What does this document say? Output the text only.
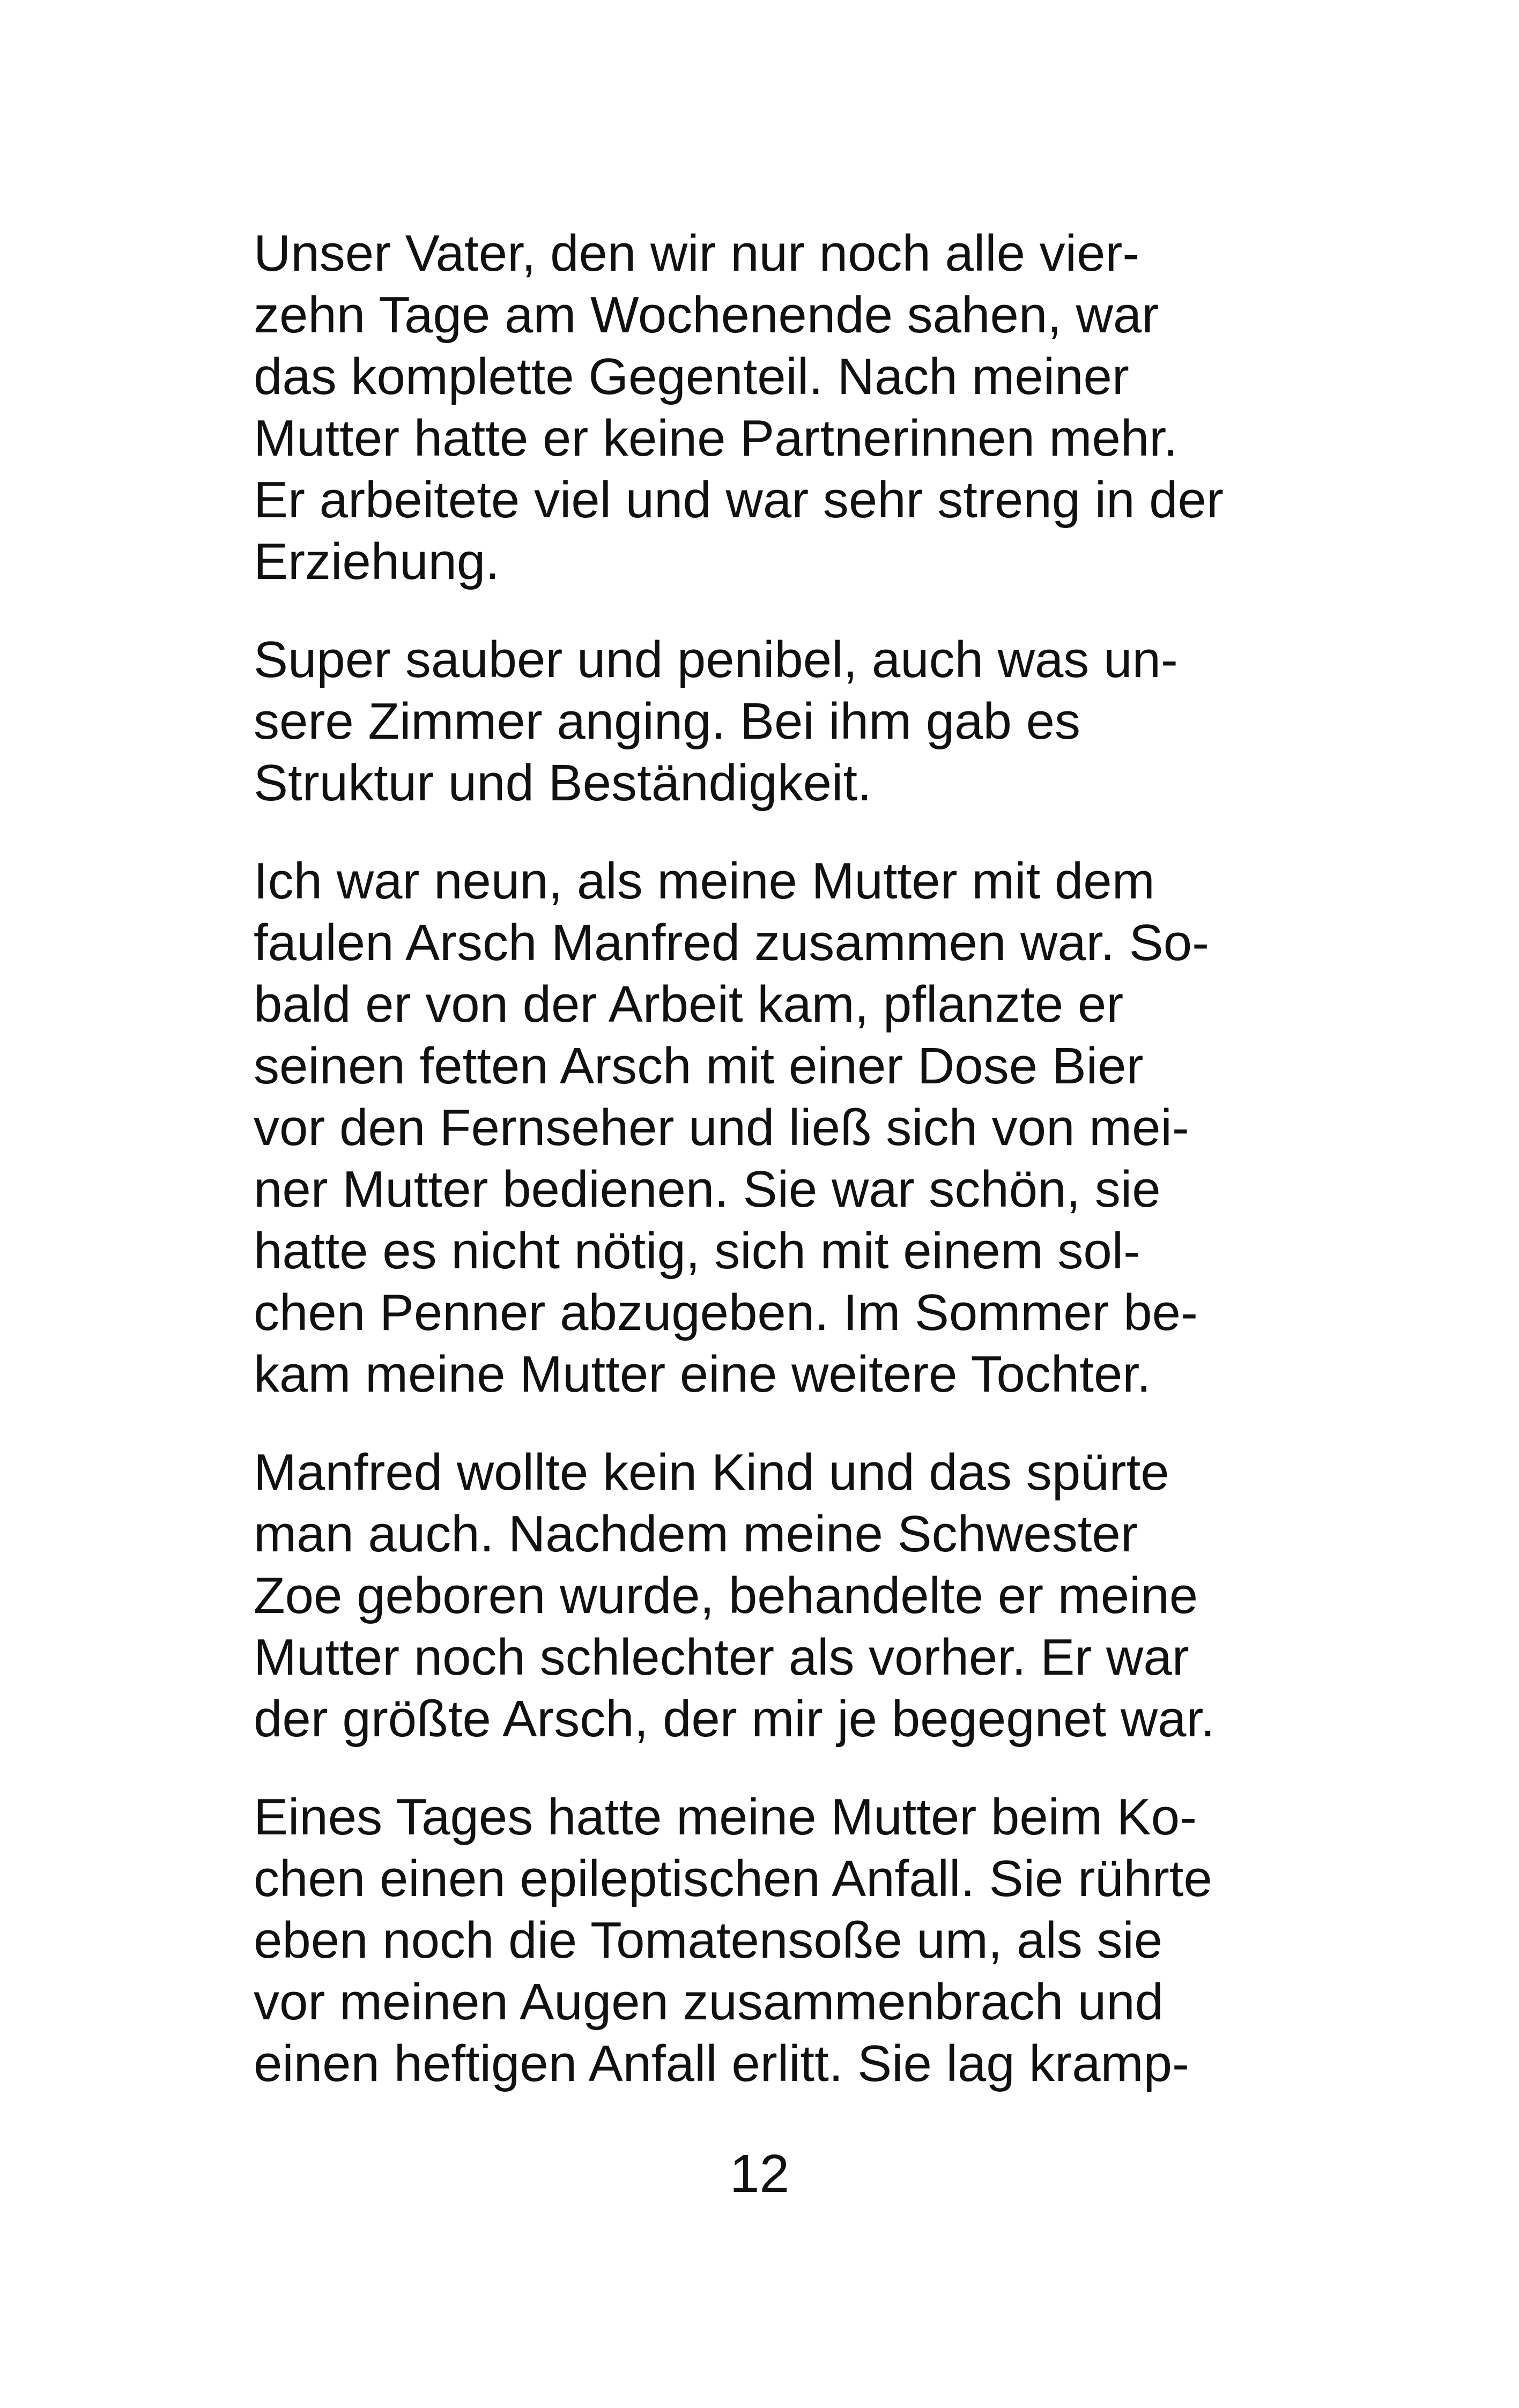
Unser Vater, den wir nur noch alle vier-
zehn Tage am Wochenende sahen, war
das komplette Gegenteil. Nach meiner
Mutter hatte er keine Partnerinnen mehr.
Er arbeitete viel und war sehr streng in der
Erziehung.

Super sauber und penibel, auch was un-
sere Zimmer anging. Bei ihm gab es
Struktur und Beständigkeit.

Ich war neun, als meine Mutter mit dem
faulen Arsch Manfred zusammen war. So-
bald er von der Arbeit kam, pflanzte er
seinen fetten Arsch mit einer Dose Bier
vor den Fernseher und ließ sich von mei-
ner Mutter bedienen. Sie war schön, sie
hatte es nicht nötig, sich mit einem sol-
chen Penner abzugeben. Im Sommer be-
kam meine Mutter eine weitere Tochter.

Manfred wollte kein Kind und das spürte
man auch. Nachdem meine Schwester
Zoe geboren wurde, behandelte er meine
Mutter noch schlechter als vorher. Er war
der größte Arsch, der mir je begegnet war.

Eines Tages hatte meine Mutter beim Ko-
chen einen epileptischen Anfall. Sie rührte
eben noch die Tomatensoße um, als sie
vor meinen Augen zusammenbrach und
einen heftigen Anfall erlitt. Sie lag kramp-

12
